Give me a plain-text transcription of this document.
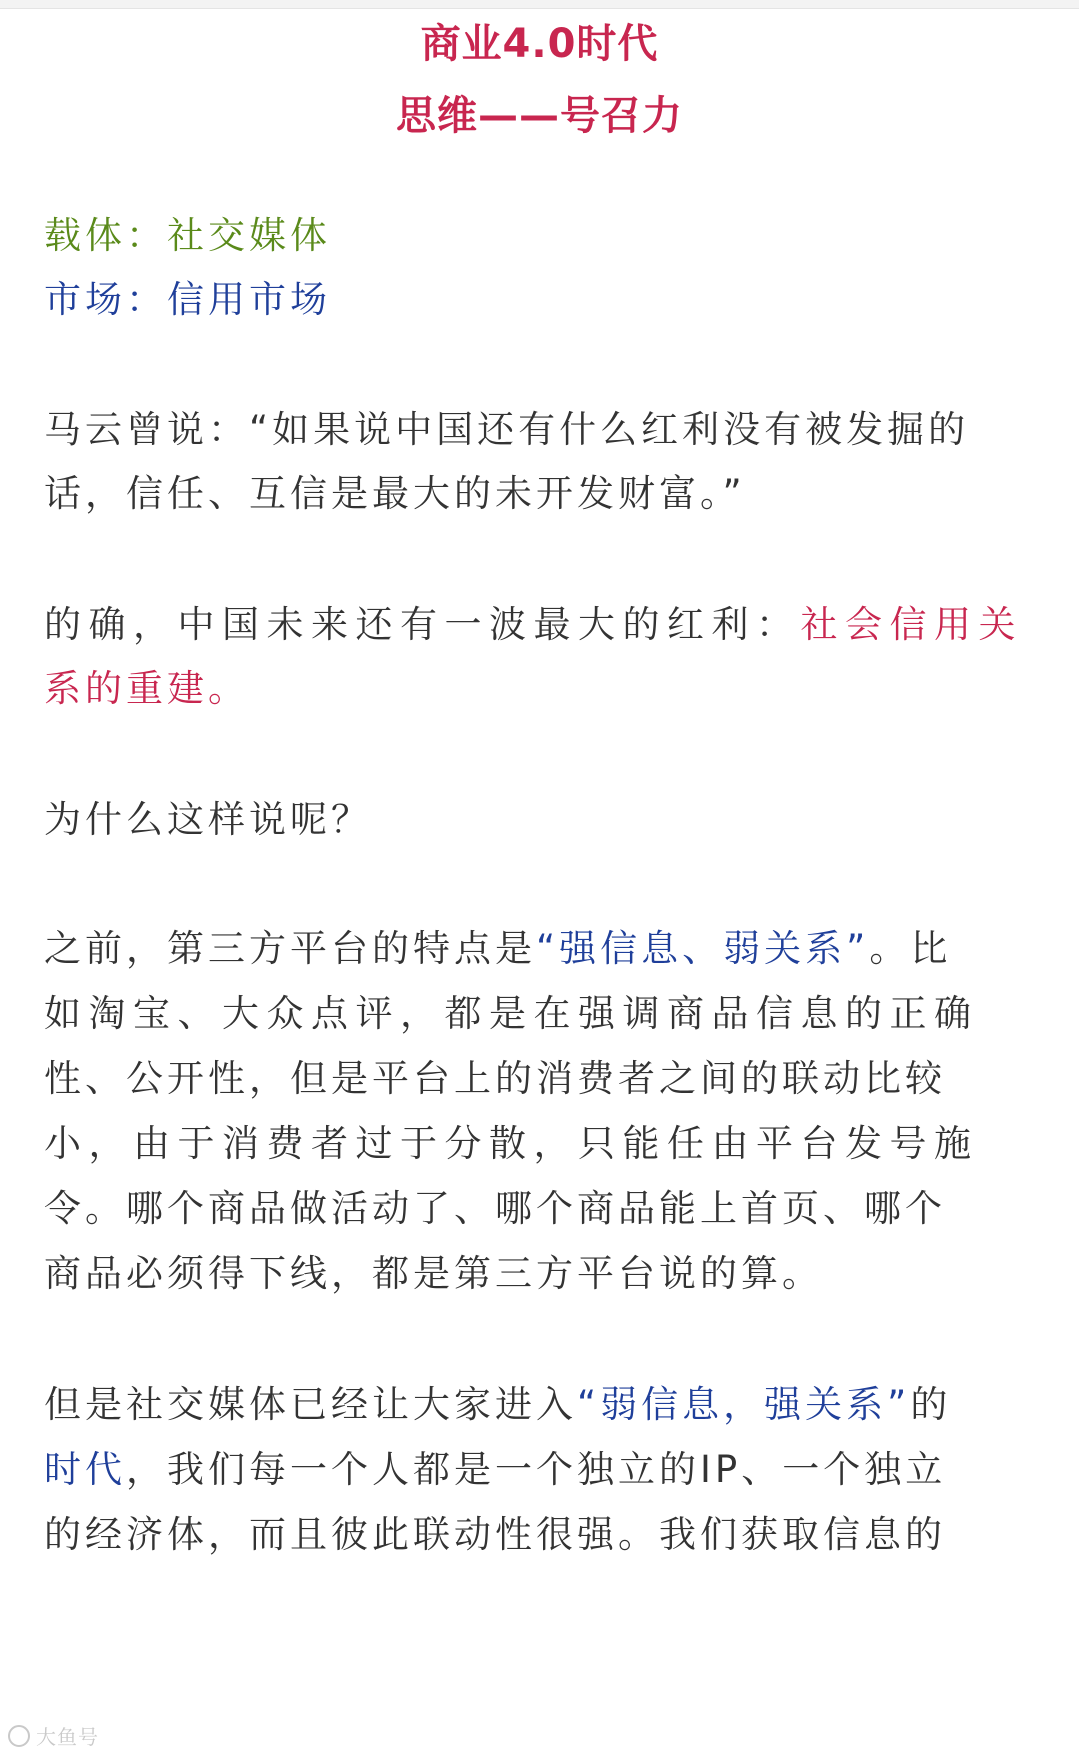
商业4.0时代
思维——号召力
载体：社交媒体
市场：信用市场
马云曾说：“如果说中国还有什么红利没有被发掘的
话，信任、互信是最大的未开发财富。”
的确，中国未来还有一波最大的红利：社会信用关
系的重建。
为什么这样说呢？
之前，第三方平台的特点是“强信息、弱关系”。比
如淘宝、大众点评，都是在强调商品信息的正确
性、公开性，但是平台上的消费者之间的联动比较
小，由于消费者过于分散，只能任由平台发号施
令。哪个商品做活动了、哪个商品能上首页、哪个
商品必须得下线，都是第三方平台说的算。
但是社交媒体已经让大家进入“弱信息，强关系”的
时代，我们每一个人都是一个独立的IP、一个独立
的经济体，而且彼此联动性很强。我们获取信息的
大鱼号
